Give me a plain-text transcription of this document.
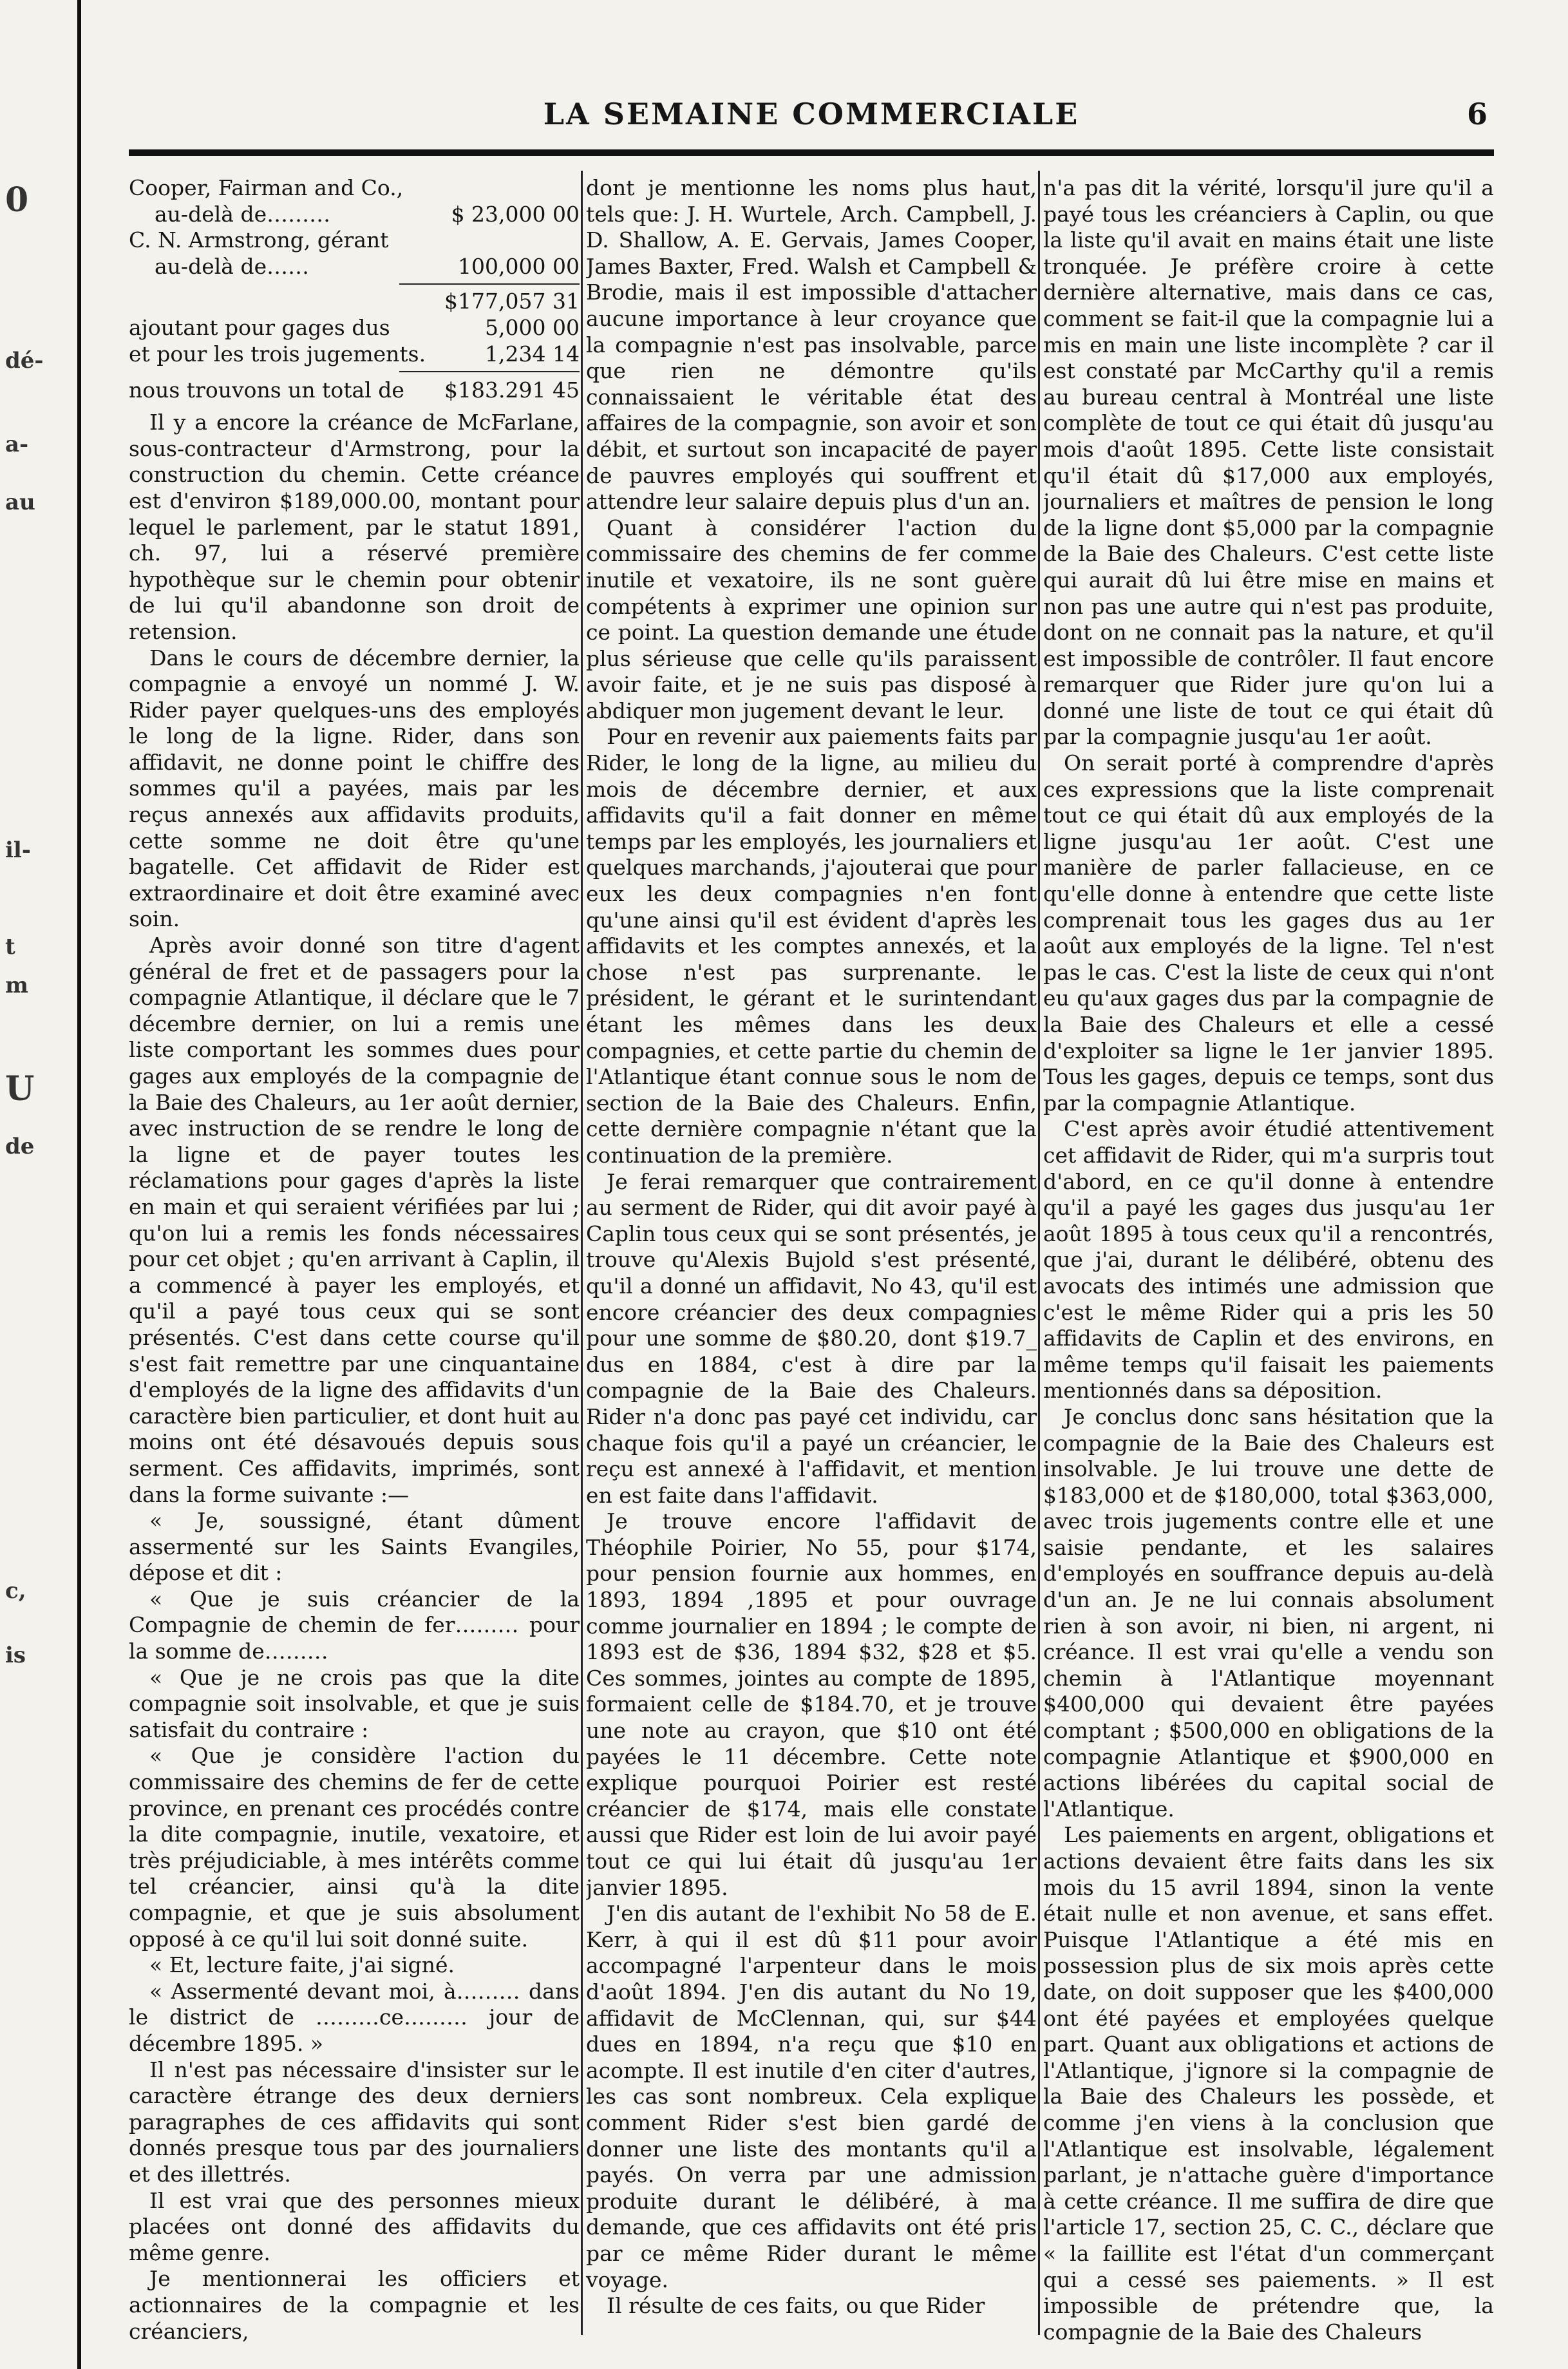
0
dé-
a-
au
il-
t
m
U
de
c,
is
LA SEMAINE COMMERCIALE	6
Cooper, Fairman and Co.,
au-delà de………	$ 23,000 00
C. N. Armstrong, gérant
au-delà de……	100,000 00
$177,057 31
ajoutant pour gages dus	5,000 00
et pour les trois jugements.	1,234 14
nous trouvons un total de $183.291 45

Il y a encore la créance de McFarlane, sous-contracteur d'Armstrong, pour la construction du chemin. Cette créance est d'environ $189,000.00, montant pour lequel le parlement, par le statut 1891, ch. 97, lui a réservé première hypothèque sur le chemin pour obtenir de lui qu'il abandonne son droit de retension.

Dans le cours de décembre dernier, la compagnie a envoyé un nommé J. W. Rider payer quelques-uns des employés le long de la ligne. Rider, dans son affidavit, ne donne point le chiffre des sommes qu'il a payées, mais par les reçus annexés aux affidavits produits, cette somme ne doit être qu'une bagatelle. Cet affidavit de Rider est extraordinaire et doit être examiné avec soin.

Après avoir donné son titre d'agent général de fret et de passagers pour la compagnie Atlantique, il déclare que le 7 décembre dernier, on lui a remis une liste comportant les sommes dues pour gages aux employés de la compagnie de la Baie des Chaleurs, au 1er août dernier, avec instruction de se rendre le long de la ligne et de payer toutes les réclamations pour gages d'après la liste en main et qui seraient vérifiées par lui ; qu'on lui a remis les fonds nécessaires pour cet objet ; qu'en arrivant à Caplin, il a commencé à payer les employés, et qu'il a payé tous ceux qui se sont présentés. C'est dans cette course qu'il s'est fait remettre par une cinquantaine d'employés de la ligne des affidavits d'un caractère bien particulier, et dont huit au moins ont été désavoués depuis sous serment. Ces affidavits, imprimés, sont dans la forme suivante :—

« Je, soussigné, étant dûment assermenté sur les Saints Evangiles, dépose et dit :

« Que je suis créancier de la Compagnie de chemin de fer……… pour la somme de………

« Que je ne crois pas que la dite compagnie soit insolvable, et que je suis satisfait du contraire :

« Que je considère l'action du commissaire des chemins de fer de cette province, en prenant ces procédés contre la dite compagnie, inutile, vexatoire, et très préjudiciable, à mes intérêts comme tel créancier, ainsi qu'à la dite compagnie, et que je suis absolument opposé à ce qu'il lui soit donné suite.

« Et, lecture faite, j'ai signé.

« Assermenté devant moi, à……… dans le district de ………ce……… jour de décembre 1895. »

Il n'est pas nécessaire d'insister sur le caractère étrange des deux derniers paragraphes de ces affidavits qui sont donnés presque tous par des journaliers et des illettrés.

Il est vrai que des personnes mieux placées ont donné des affidavits du même genre.

Je mentionnerai les officiers et actionnaires de la compagnie et les créanciers,

dont je mentionne les noms plus haut, tels que: J. H. Wurtele, Arch. Campbell, J. D. Shallow, A. E. Gervais, James Cooper, James Baxter, Fred. Walsh et Campbell & Brodie, mais il est impossible d'attacher aucune importance à leur croyance que la compagnie n'est pas insolvable, parce que rien ne démontre qu'ils connaissaient le véritable état des affaires de la compagnie, son avoir et son débit, et surtout son incapacité de payer de pauvres employés qui souffrent et attendre leur salaire depuis plus d'un an.

Quant à considérer l'action du commissaire des chemins de fer comme inutile et vexatoire, ils ne sont guère compétents à exprimer une opinion sur ce point. La question demande une étude plus sérieuse que celle qu'ils paraissent avoir faite, et je ne suis pas disposé à abdiquer mon jugement devant le leur.

Pour en revenir aux paiements faits par Rider, le long de la ligne, au milieu du mois de décembre dernier, et aux affidavits qu'il a fait donner en même temps par les employés, les journaliers et quelques marchands, j'ajouterai que pour eux les deux compagnies n'en font qu'une ainsi qu'il est évident d'après les affidavits et les comptes annexés, et la chose n'est pas surprenante. le président, le gérant et le surintendant étant les mêmes dans les deux compagnies, et cette partie du chemin de l'Atlantique étant connue sous le nom de section de la Baie des Chaleurs. Enfin, cette dernière compagnie n'étant que la continuation de la première.

Je ferai remarquer que contrairement au serment de Rider, qui dit avoir payé à Caplin tous ceux qui se sont présentés, je trouve qu'Alexis Bujold s'est présenté, qu'il a donné un affidavit, No 43, qu'il est encore créancier des deux compagnies pour une somme de $80.20, dont $19.7_ dus en 1884, c'est à dire par la compagnie de la Baie des Chaleurs. Rider n'a donc pas payé cet individu, car chaque fois qu'il a payé un créancier, le reçu est annexé à l'affidavit, et mention en est faite dans l'affidavit.

Je trouve encore l'affidavit de Théophile Poirier, No 55, pour $174, pour pension fournie aux hommes, en 1893, 1894 ,1895 et pour ouvrage comme journalier en 1894 ; le compte de 1893 est de $36, 1894 $32, $28 et $5. Ces sommes, jointes au compte de 1895, formaient celle de $184.70, et je trouve une note au crayon, que $10 ont été payées le 11 décembre. Cette note explique pourquoi Poirier est resté créancier de $174, mais elle constate aussi que Rider est loin de lui avoir payé tout ce qui lui était dû jusqu'au 1er janvier 1895.

J'en dis autant de l'exhibit No 58 de E. Kerr, à qui il est dû $11 pour avoir accompagné l'arpenteur dans le mois d'août 1894. J'en dis autant du No 19, affidavit de McClennan, qui, sur $44 dues en 1894, n'a reçu que $10 en acompte. Il est inutile d'en citer d'autres, les cas sont nombreux. Cela explique comment Rider s'est bien gardé de donner une liste des montants qu'il a payés. On verra par une admission produite durant le délibéré, à ma demande, que ces affidavits ont été pris par ce même Rider durant le même voyage.

Il résulte de ces faits, ou que Rider

n'a pas dit la vérité, lorsqu'il jure qu'il a payé tous les créanciers à Caplin, ou que la liste qu'il avait en mains était une liste tronquée. Je préfère croire à cette dernière alternative, mais dans ce cas, comment se fait-il que la compagnie lui a mis en main une liste incomplète ? car il est constaté par McCarthy qu'il a remis au bureau central à Montréal une liste complète de tout ce qui était dû jusqu'au mois d'août 1895. Cette liste consistait qu'il était dû $17,000 aux employés, journaliers et maîtres de pension le long de la ligne dont $5,000 par la compagnie de la Baie des Chaleurs. C'est cette liste qui aurait dû lui être mise en mains et non pas une autre qui n'est pas produite, dont on ne connait pas la nature, et qu'il est impossible de contrôler. Il faut encore remarquer que Rider jure qu'on lui a donné une liste de tout ce qui était dû par la compagnie jusqu'au 1er août.

On serait porté à comprendre d'après ces expressions que la liste comprenait tout ce qui était dû aux employés de la ligne jusqu'au 1er août. C'est une manière de parler fallacieuse, en ce qu'elle donne à entendre que cette liste comprenait tous les gages dus au 1er août aux employés de la ligne. Tel n'est pas le cas. C'est la liste de ceux qui n'ont eu qu'aux gages dus par la compagnie de la Baie des Chaleurs et elle a cessé d'exploiter sa ligne le 1er janvier 1895. Tous les gages, depuis ce temps, sont dus par la compagnie Atlantique.

C'est après avoir étudié attentivement cet affidavit de Rider, qui m'a surpris tout d'abord, en ce qu'il donne à entendre qu'il a payé les gages dus jusqu'au 1er août 1895 à tous ceux qu'il a rencontrés, que j'ai, durant le délibéré, obtenu des avocats des intimés une admission que c'est le même Rider qui a pris les 50 affidavits de Caplin et des environs, en même temps qu'il faisait les paiements mentionnés dans sa déposition.

Je conclus donc sans hésitation que la compagnie de la Baie des Chaleurs est insolvable. Je lui trouve une dette de $183,000 et de $180,000, total $363,000, avec trois jugements contre elle et une saisie pendante, et les salaires d'employés en souffrance depuis au-delà d'un an. Je ne lui connais absolument rien à son avoir, ni bien, ni argent, ni créance. Il est vrai qu'elle a vendu son chemin à l'Atlantique moyennant $400,000 qui devaient être payées comptant ; $500,000 en obligations de la compagnie Atlantique et $900,000 en actions libérées du capital social de l'Atlantique.

Les paiements en argent, obligations et actions devaient être faits dans les six mois du 15 avril 1894, sinon la vente était nulle et non avenue, et sans effet. Puisque l'Atlantique a été mis en possession plus de six mois après cette date, on doit supposer que les $400,000 ont été payées et employées quelque part. Quant aux obligations et actions de l'Atlantique, j'ignore si la compagnie de la Baie des Chaleurs les possède, et comme j'en viens à la conclusion que l'Atlantique est insolvable, légalement parlant, je n'attache guère d'importance à cette créance. Il me suffira de dire que l'article 17, section 25, C. C., déclare que « la faillite est l'état d'un commerçant qui a cessé ses paiements. » Il est impossible de prétendre que, la compagnie de la Baie des Chaleurs
